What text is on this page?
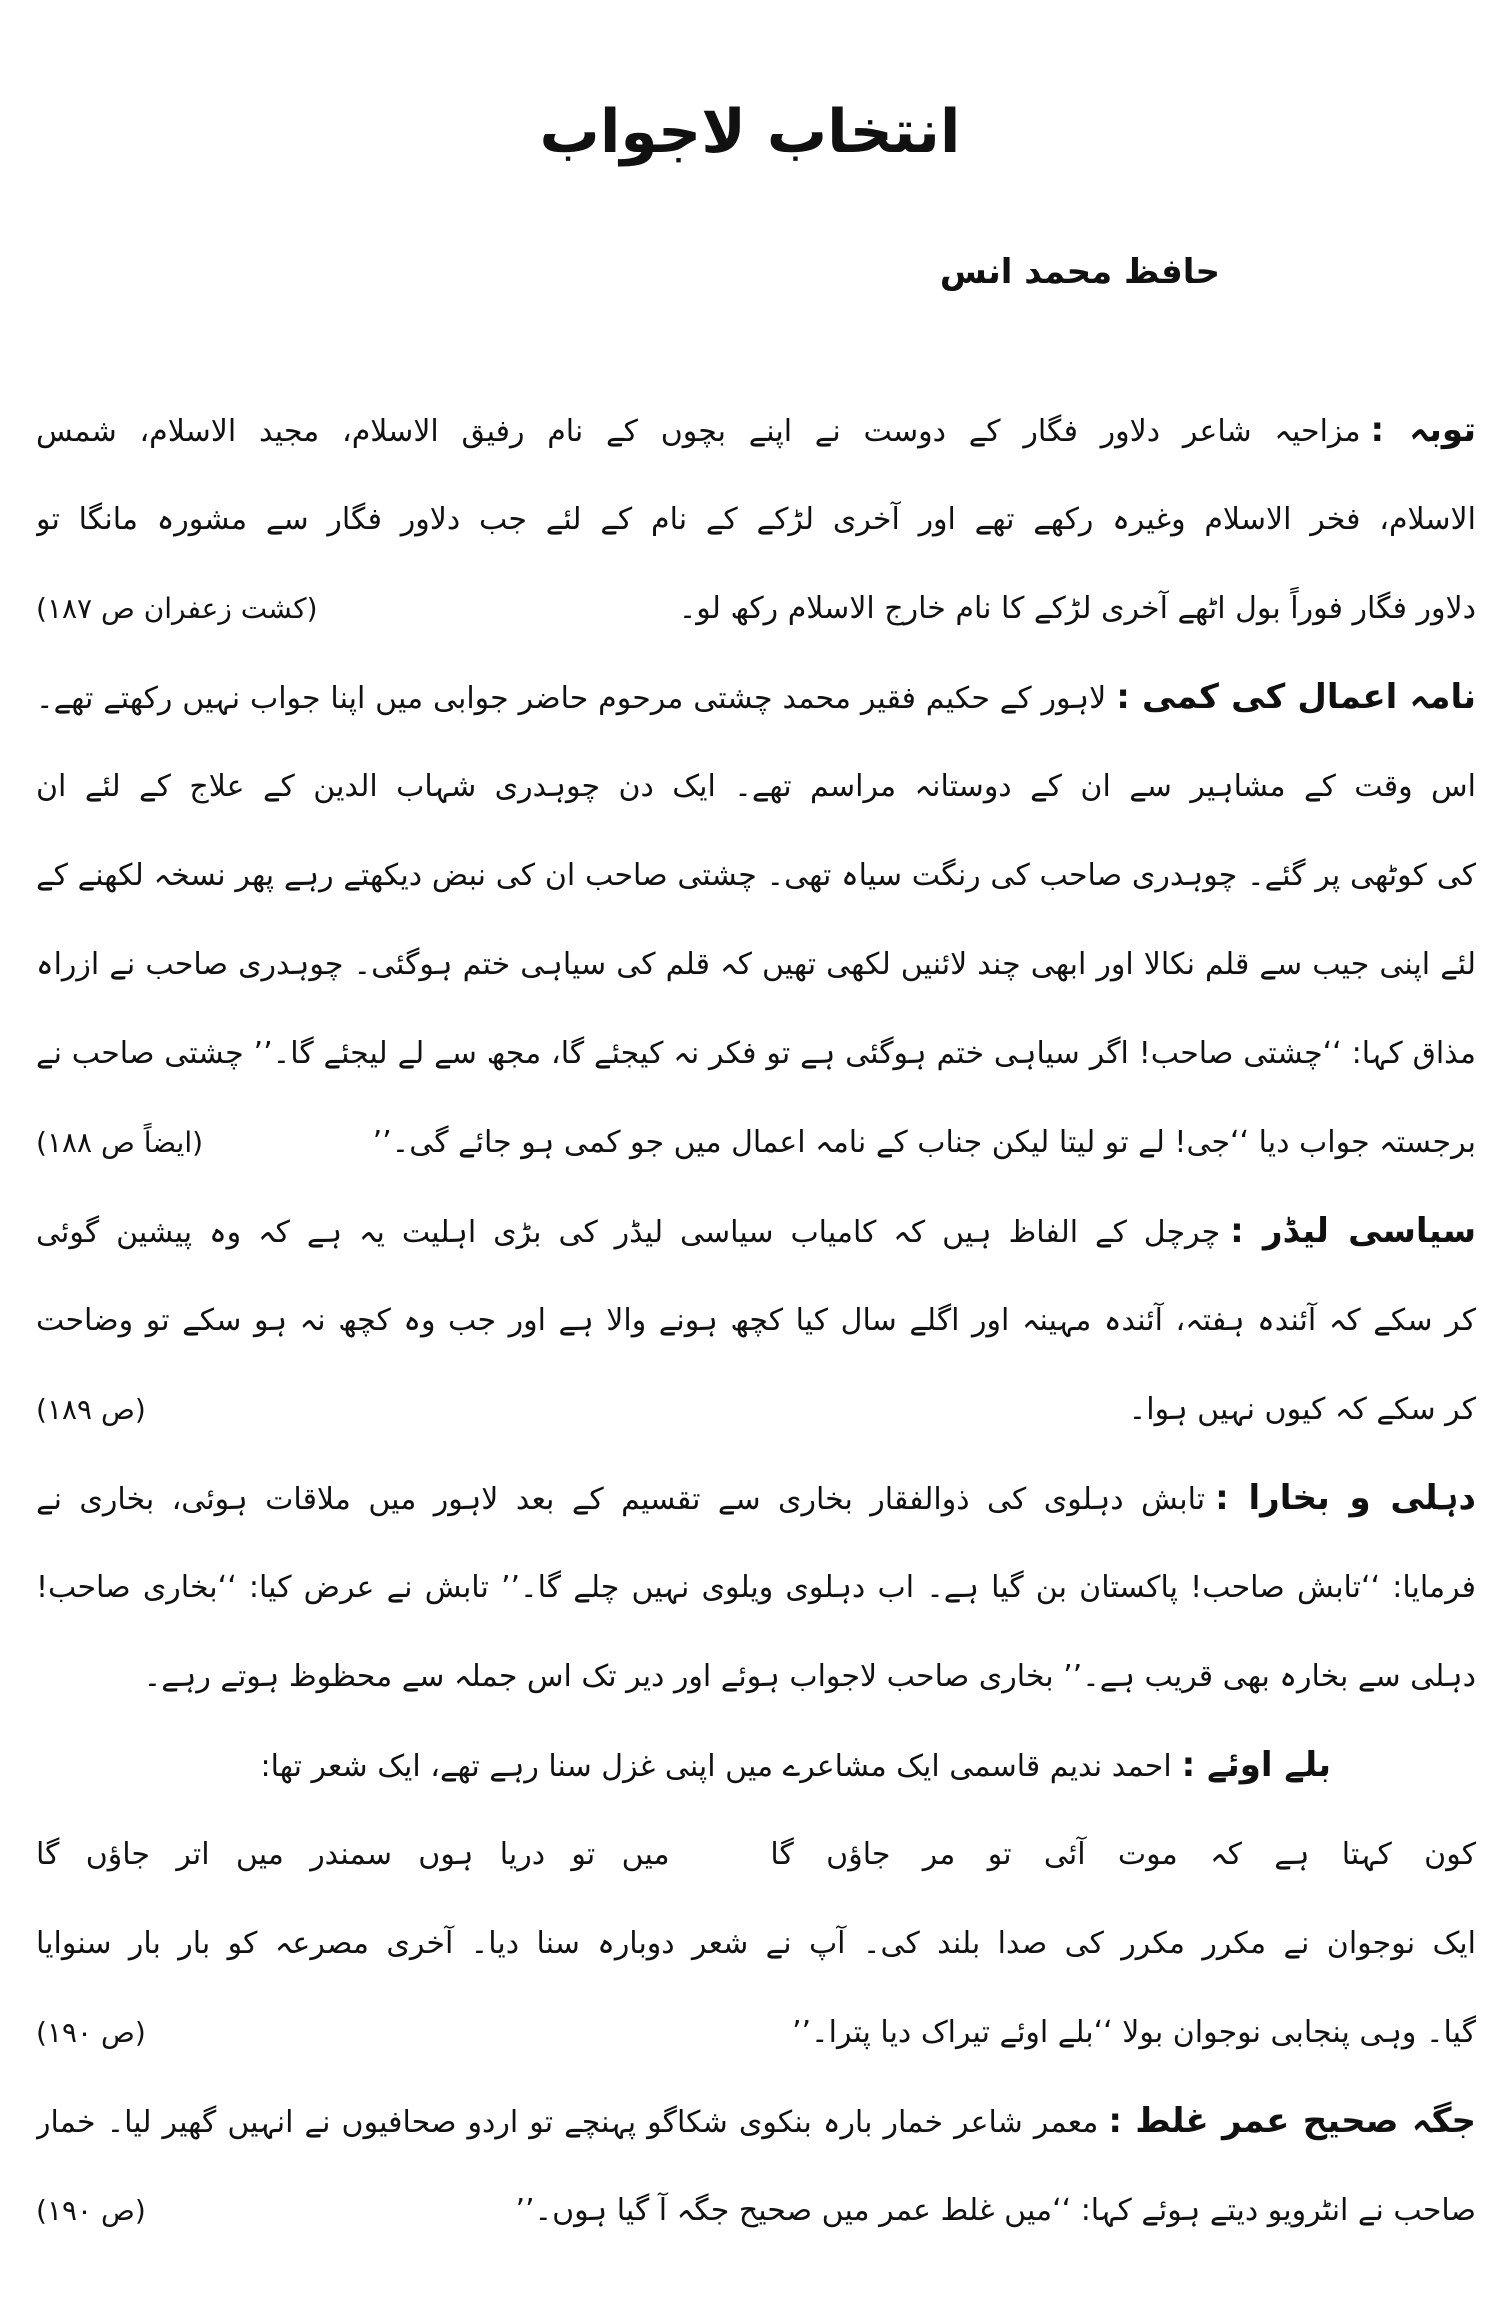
انتخاب لاجواب
حافظ محمد انس
توبہ :مزاحیہ شاعر دلاور فگار کے دوست نے اپنے بچوں کے نام رفیق الاسلام، مجید الاسلام، شمس
الاسلام، فخر الاسلام وغیرہ رکھے تھے اور آخری لڑکے کے نام کے لئے جب دلاور فگار سے مشورہ مانگا تو
دلاور فگار فوراً بول اٹھے آخری لڑکے کا نام خارج الاسلام رکھ لو۔
(کشت زعفران ص ۱۸۷)
نامہ اعمال کی کمی :لاہور کے حکیم فقیر محمد چشتی مرحوم حاضر جوابی میں اپنا جواب نہیں رکھتے تھے۔
اس وقت کے مشاہیر سے ان کے دوستانہ مراسم تھے۔ ایک دن چوہدری شہاب الدین کے علاج کے لئے ان
کی کوٹھی پر گئے۔ چوہدری صاحب کی رنگت سیاہ تھی۔ چشتی صاحب ان کی نبض دیکھتے رہے پھر نسخہ لکھنے کے
لئے اپنی جیب سے قلم نکالا اور ابھی چند لائنیں لکھی تھیں کہ قلم کی سیاہی ختم ہوگئی۔ چوہدری صاحب نے ازراہ
مذاق کہا: ‘‘چشتی صاحب! اگر سیاہی ختم ہوگئی ہے تو فکر نہ کیجئے گا، مجھ سے لے لیجئے گا۔’’ چشتی صاحب نے
برجستہ جواب دیا ‘‘جی! لے تو لیتا لیکن جناب کے نامہ اعمال میں جو کمی ہو جائے گی۔’’
(ایضاً ص ۱۸۸)
سیاسی لیڈر :چرچل کے الفاظ ہیں کہ کامیاب سیاسی لیڈر کی بڑی اہلیت یہ ہے کہ وہ پیشین گوئی
کر سکے کہ آئندہ ہفتہ، آئندہ مہینہ اور اگلے سال کیا کچھ ہونے والا ہے اور جب وہ کچھ نہ ہو سکے تو وضاحت
کر سکے کہ کیوں نہیں ہوا۔
(ص ۱۸۹)
دہلی و بخارا :تابش دہلوی کی ذوالفقار بخاری سے تقسیم کے بعد لاہور میں ملاقات ہوئی، بخاری نے
فرمایا: ‘‘تابش صاحب! پاکستان بن گیا ہے۔ اب دہلوی ویلوی نہیں چلے گا۔’’ تابش نے عرض کیا: ‘‘بخاری صاحب!
دہلی سے بخارہ بھی قریب ہے۔’’ بخاری صاحب لاجواب ہوئے اور دیر تک اس جملہ سے محظوظ ہوتے رہے۔
بلے اوئے :احمد ندیم قاسمی ایک مشاعرے میں اپنی غزل سنا رہے تھے، ایک شعر تھا:
کون کہتا ہے کہ موت آئی تو مر جاؤں گا
میں تو دریا ہوں سمندر میں اتر جاؤں گا
ایک نوجوان نے مکرر مکرر کی صدا بلند کی۔ آپ نے شعر دوبارہ سنا دیا۔ آخری مصرعہ کو بار بار سنوایا
گیا۔ وہی پنجابی نوجوان بولا ‘‘بلے اوئے تیراک دیا پترا۔’’
(ص ۱۹۰)
جگہ صحیح عمر غلط :معمر شاعر خمار بارہ بنکوی شکاگو پہنچے تو اردو صحافیوں نے انہیں گھیر لیا۔ خمار
صاحب نے انٹرویو دیتے ہوئے کہا: ‘‘میں غلط عمر میں صحیح جگہ آ گیا ہوں۔’’
(ص ۱۹۰)
